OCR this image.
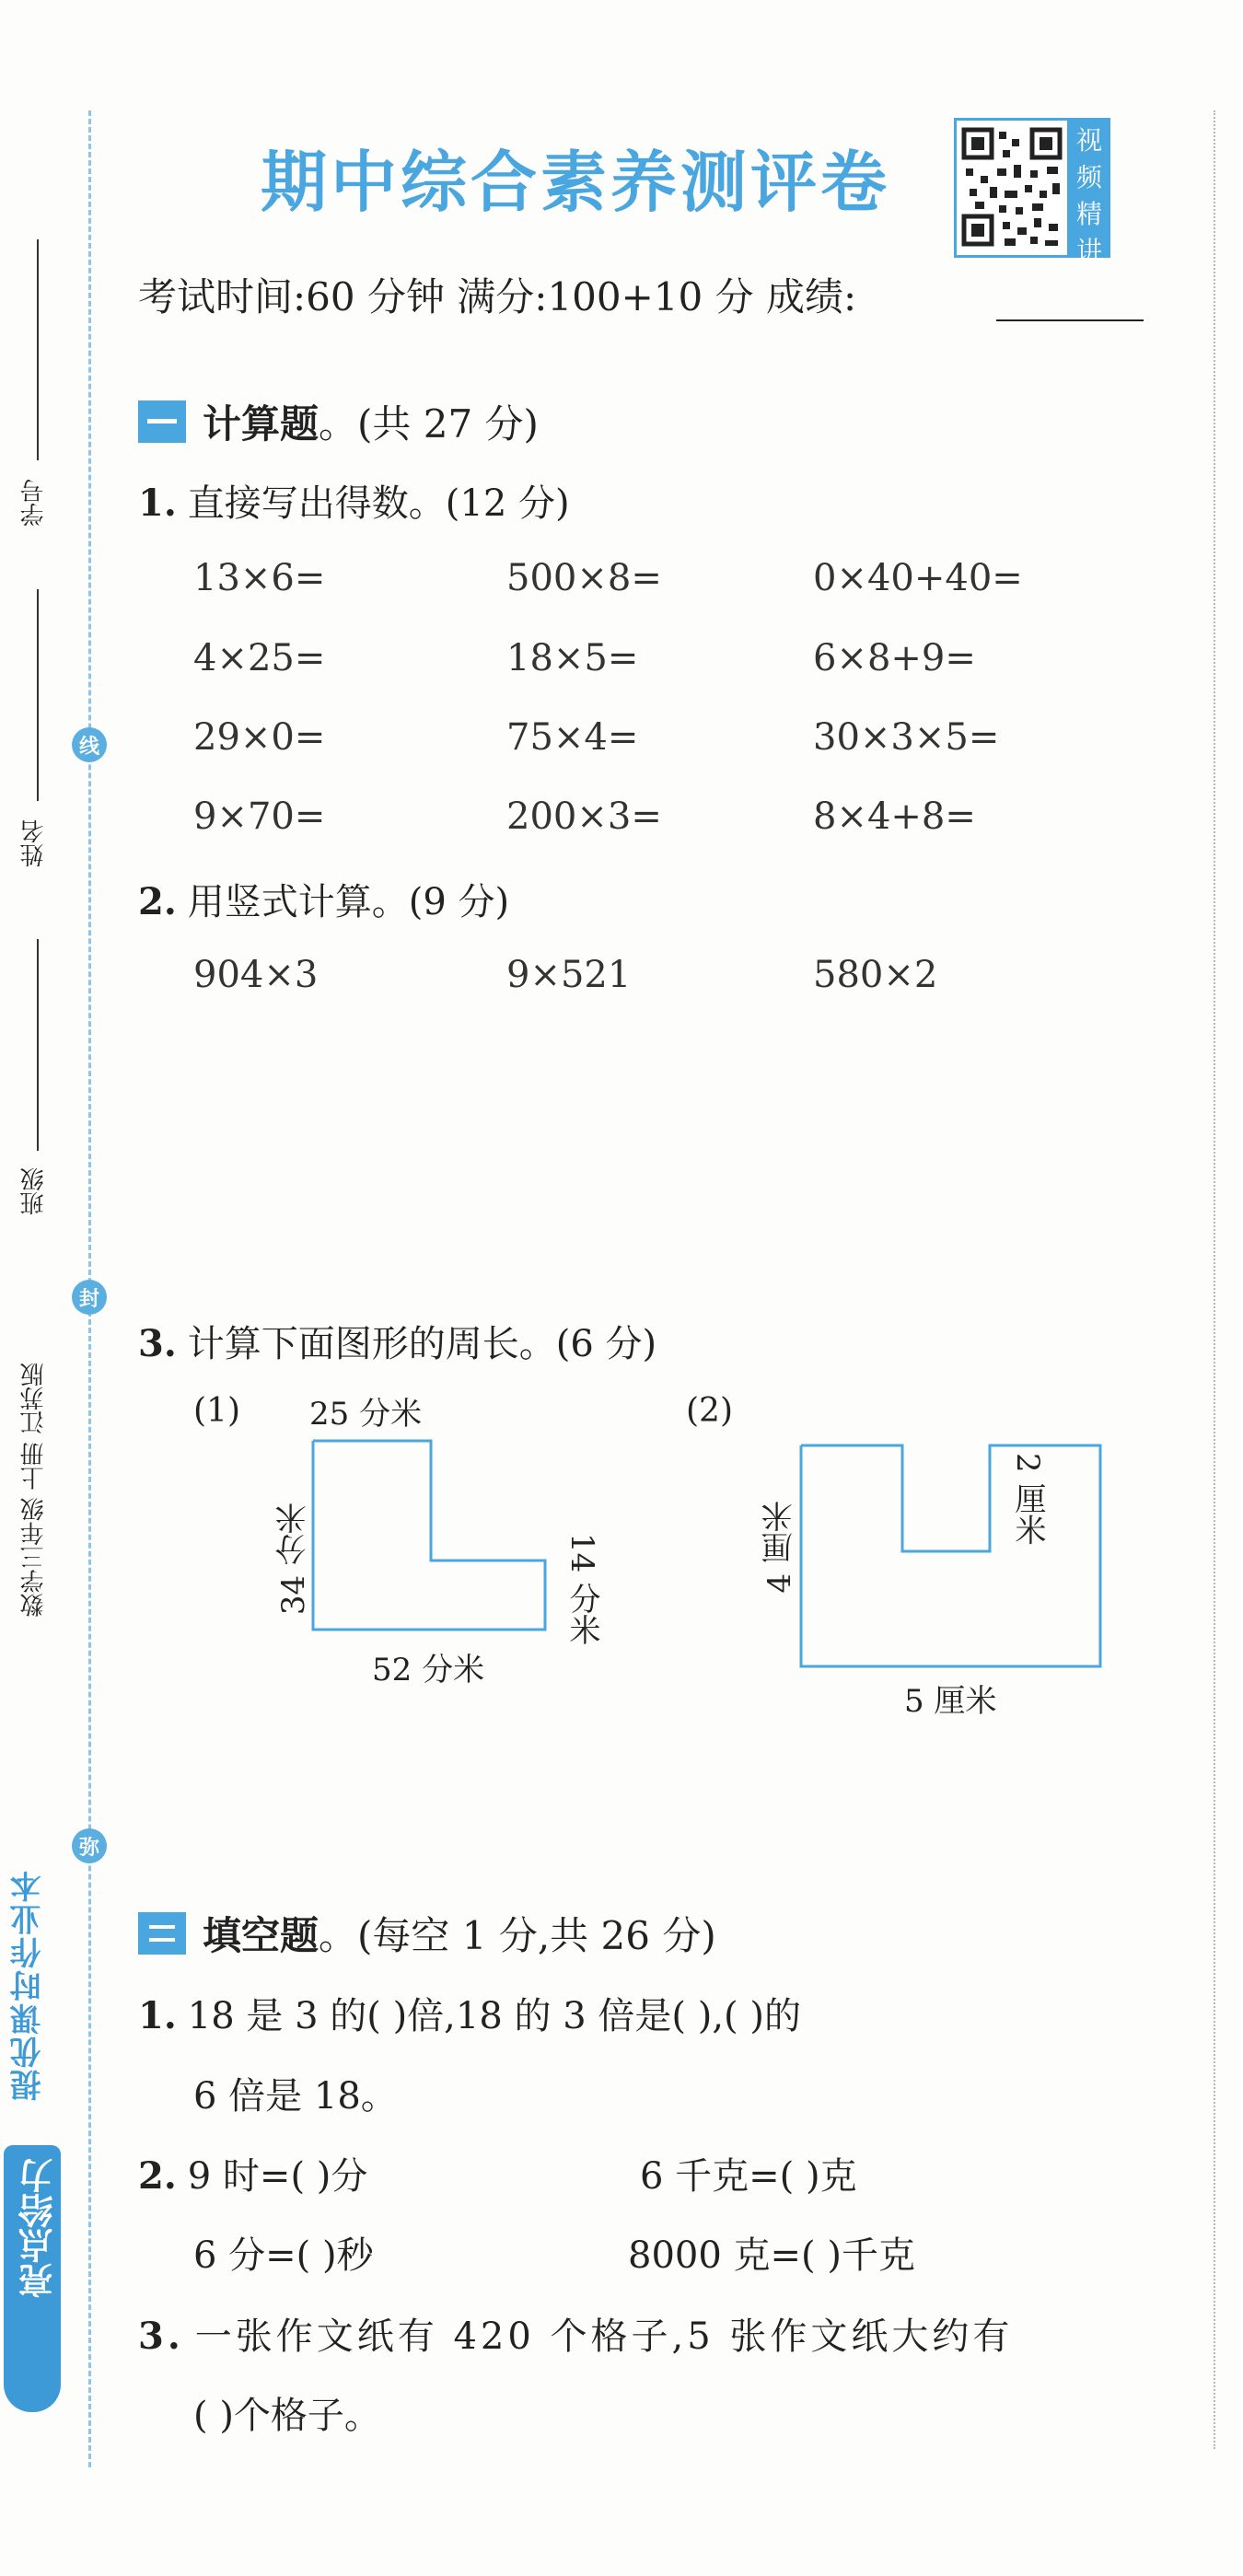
学号
姓名
班级
线
封
弥
数学三年级 上册 江苏版
提优课时作业本
亮点给力
期中综合素养测评卷
视
频
精
讲
考试时间:60 分钟 满分:100+10 分 成绩:
计算题。(共 27 分)
1. 直接写出得数。(12 分)
13×6=	500×8=	0×40+40=
4×25=	18×5=	6×8+9=
29×0=	75×4=	30×3×5=
9×70=	200×3=	8×4+8=
2. 用竖式计算。(9 分)
904×3	9×521	580×2
3. 计算下面图形的周长。(6 分)
(1) 25 分米
34 分米
52 分米
14 分米
(2)
4 厘米
2 厘米
5 厘米
填空题。(每空 1 分,共 26 分)
1. 18 是 3 的( )倍,18 的 3 倍是( ),( )的
6 倍是 18。
2. 9 时=( )分	6 千克=( )克
6 分=( )秒	8000 克=( )千克
3. 一张作文纸有 420 个格子,5 张作文纸大约有
( )个格子。
